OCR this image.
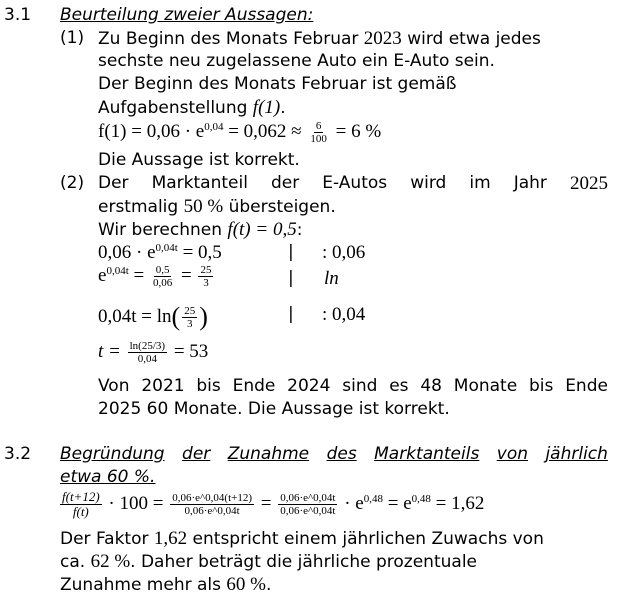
3.1 Beurteilung zweier Aussagen:
(1) Zu Beginn des Monats Februar 2023 wird etwa jedes
sechste neu zugelassene Auto ein E-Auto sein.
Der Beginn des Monats Februar ist gemäß
Aufgabenstellung f(1).
$f(1) = 0,06 \cdot e^{0,04} = 0,062 \approx \frac{6}{100} = 6$ %
Die Aussage ist korrekt.
(2) Der Marktanteil der E-Autos wird im Jahr 2025
erstmalig 50 % übersteigen.
Wir berechnen f(t) = 0,5:
$0,06 \cdot e^{0,04t} = 0,5$	| : 0,06
$e^{0,04t} = \frac{0,5}{0,06} = \frac{25}{3}$	| ln
$0,04t = \ln( \frac{25}{3}$ )	| : 0,04
$t = \frac{\ln(25/3)}{0,04} = 53$
Von 2021 bis Ende 2024 sind es 48 Monate bis Ende
2025 60 Monate. Die Aussage ist korrekt.
3.2 Begründung der Zunahme des Marktanteils von jährlich
etwa 60 %.
$\frac{f(t+12)}{f(t)} \cdot 100 = \frac{0,06\cdot e\^{}0,04(t+12)}{0,06\cdot e\^{}0,04t} = \frac{0,06\cdot e\^{}0,04t}{0,06\cdot e\^{}0,04t} \cdot e^{0,48} = e^{0,48} = 1,62$
Der Faktor 1,62 entspricht einem jährlichen Zuwachs von
ca. 62 %. Daher beträgt die jährliche prozentuale
Zunahme mehr als 60 %.
